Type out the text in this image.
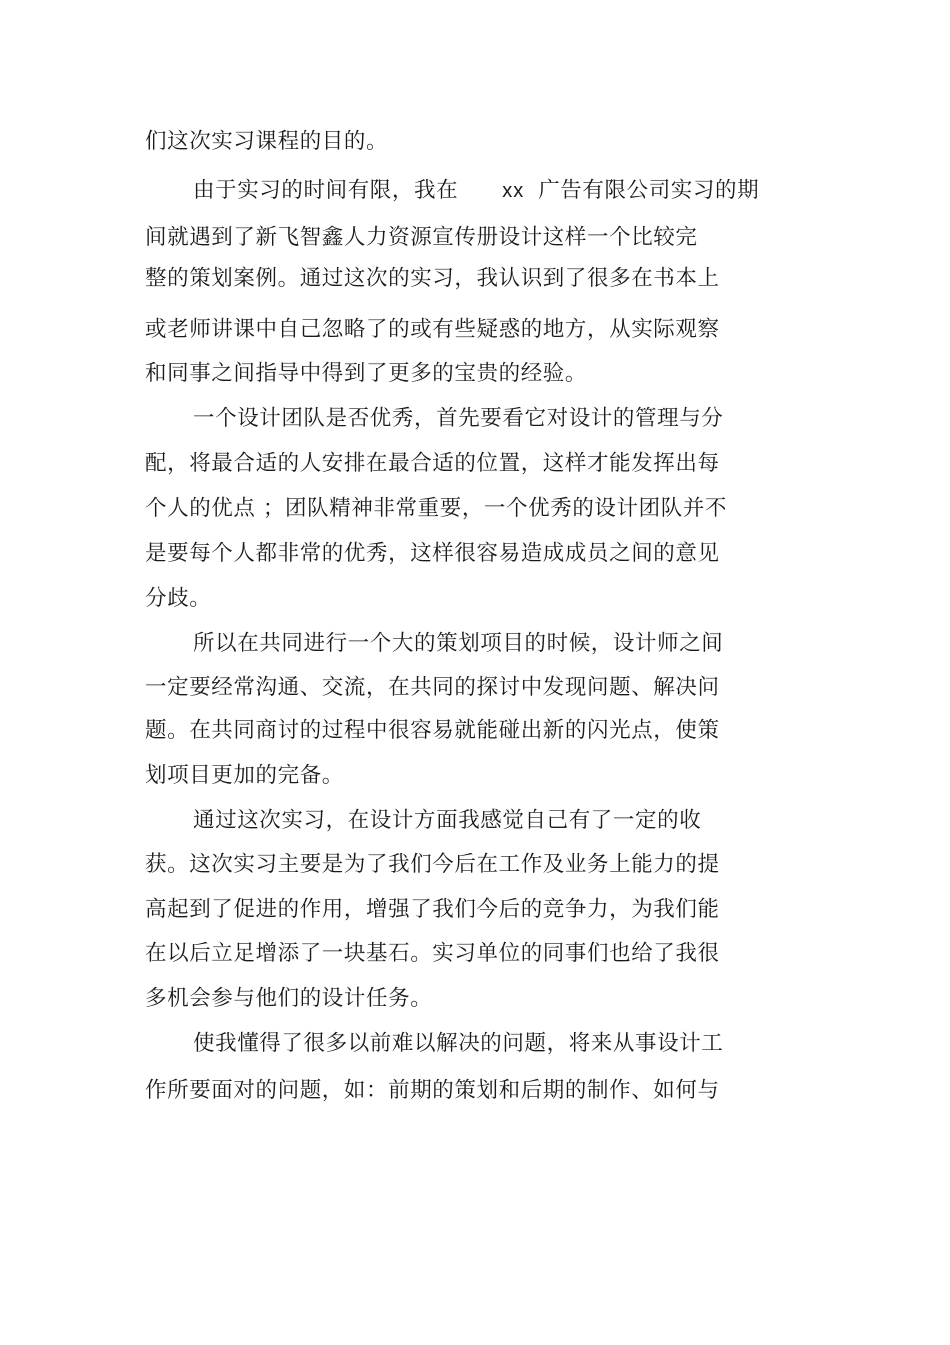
们这次实习课程的目的。
由于实习的时间有限，我在 xx 广告有限公司实习的期
间就遇到了新飞智鑫人力资源宣传册设计这样一个比较完
整的策划案例。通过这次的实习，我认识到了很多在书本上
或老师讲课中自己忽略了的或有些疑惑的地方，从实际观察
和同事之间指导中得到了更多的宝贵的经验。
一个设计团队是否优秀，首先要看它对设计的管理与分
配，将最合适的人安排在最合适的位置，这样才能发挥出每
个人的优点 ；团队精神非常重要，一个优秀的设计团队并不
是要每个人都非常的优秀，这样很容易造成成员之间的意见
分歧。
所以在共同进行一个大的策划项目的时候，设计师之间
一定要经常沟通、交流，在共同的探讨中发现问题、解决问
题。在共同商讨的过程中很容易就能碰出新的闪光点，使策
划项目更加的完备。
通过这次实习，在设计方面我感觉自己有了一定的收
获。这次实习主要是为了我们今后在工作及业务上能力的提
高起到了促进的作用，增强了我们今后的竞争力，为我们能
在以后立足增添了一块基石。实习单位的同事们也给了我很
多机会参与他们的设计任务。
使我懂得了很多以前难以解决的问题，将来从事设计工
作所要面对的问题，如：前期的策划和后期的制作、如何与
